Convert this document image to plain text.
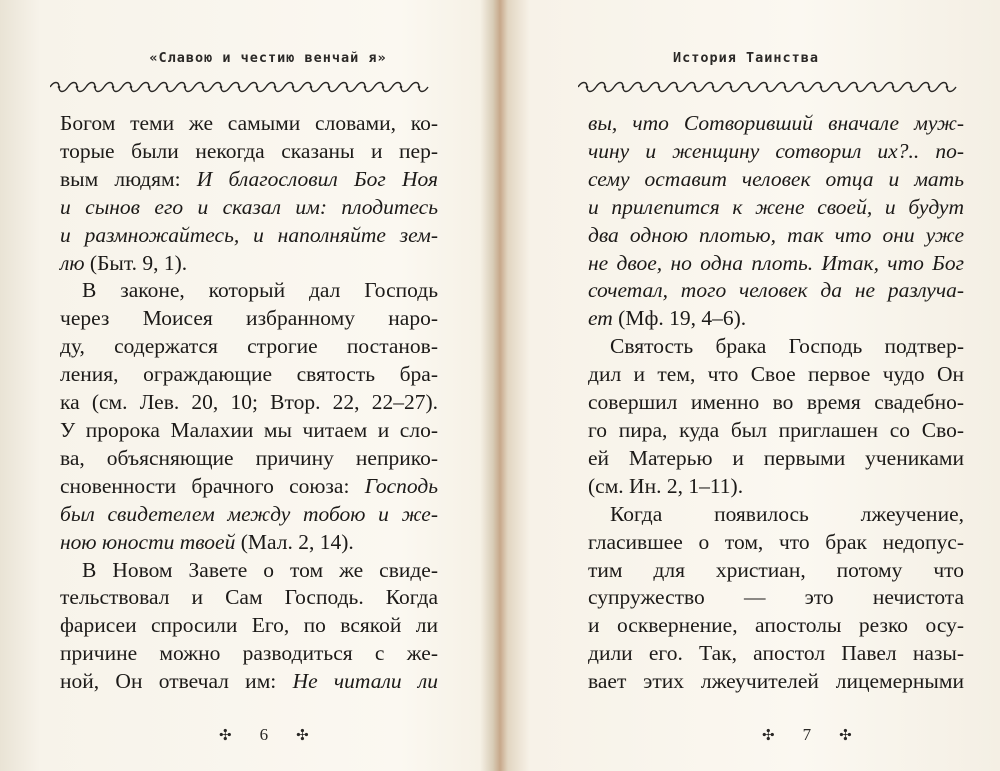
«Славою и честию венчай я»
Богом теми же самыми словами, ко-
торые были некогда сказаны и пер-
вым людям: И благословил Бог Ноя
и сынов его и сказал им: плодитесь
и размножайтесь, и наполняйте зем-
лю (Быт. 9, 1).
В законе, который дал Господь
через Моисея избранному наро-
ду, содержатся строгие постанов-
ления, ограждающие святость бра-
ка (см. Лев. 20, 10; Втор. 22, 22–27).
У пророка Малахии мы читаем и сло-
ва, объясняющие причину неприко-
сновенности брачного союза: Господь
был свидетелем между тобою и же-
ною юности твоей (Мал. 2, 14).
В Новом Завете о том же свиде-
тельствовал и Сам Господь. Когда
фарисеи спросили Его, по всякой ли
причине можно разводиться с же-
ной, Он отвечал им: Не читали ли
✣ 6 ✣
История Таинства
вы, что Сотворивший вначале муж-
чину и женщину сотворил их?.. по-
сему оставит человек отца и мать
и прилепится к жене своей, и будут
два одною плотью, так что они уже
не двое, но одна плоть. Итак, что Бог
сочетал, того человек да не разлуча-
ет (Мф. 19, 4–6).
Святость брака Господь подтвер-
дил и тем, что Свое первое чудо Он
совершил именно во время свадебно-
го пира, куда был приглашен со Сво-
ей Матерью и первыми учениками
(см. Ин. 2, 1–11).
Когда появилось лжеучение,
гласившее о том, что брак недопус-
тим для христиан, потому что
супружество — это нечистота
и осквернение, апостолы резко осу-
дили его. Так, апостол Павел назы-
вает этих лжеучителей лицемерными
✣ 7 ✣
